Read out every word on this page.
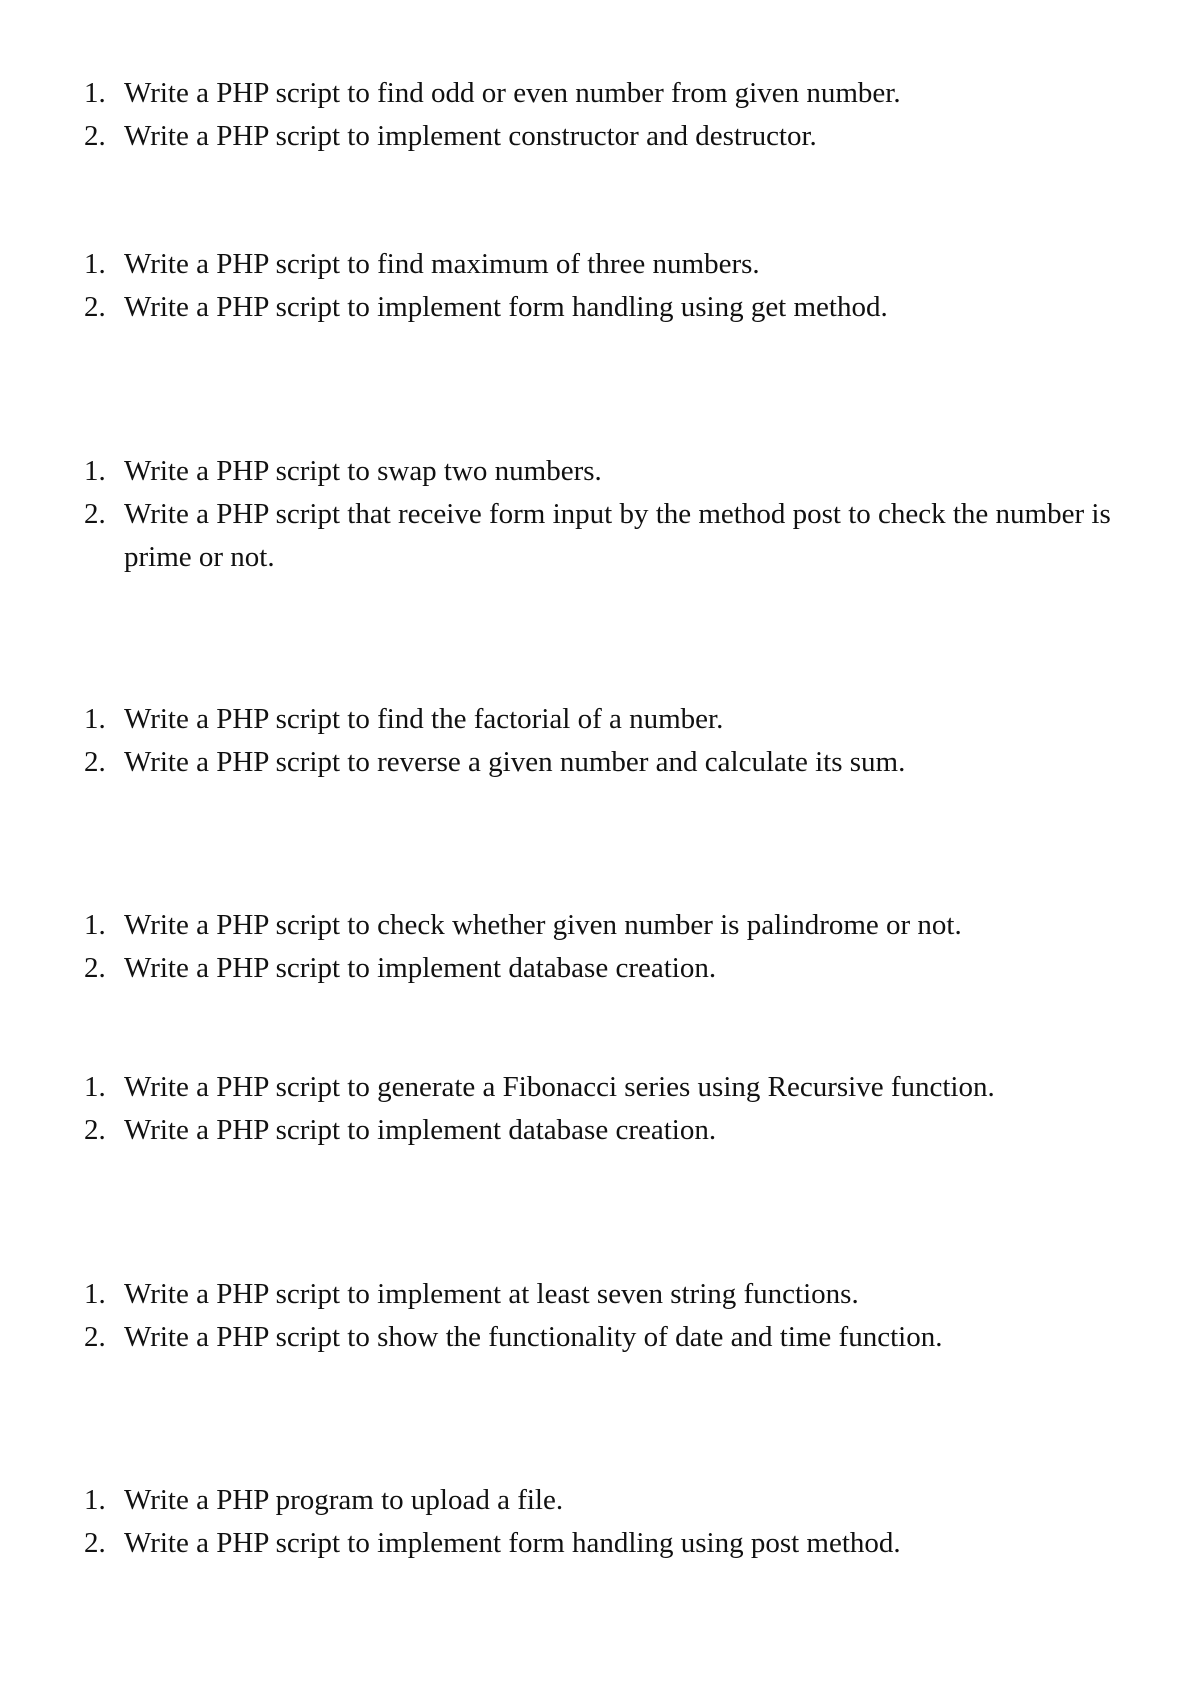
1. Write a PHP script to find odd or even number from given number.
2. Write a PHP script to implement constructor and destructor.
1. Write a PHP script to find maximum of three numbers.
2. Write a PHP script to implement form handling using get method.
1. Write a PHP script to swap two numbers.
2. Write a PHP script that receive form input by the method post to check the number is prime or not.
1. Write a PHP script to find the factorial of a number.
2. Write a PHP script to reverse a given number and calculate its sum.
1. Write a PHP script to check whether given number is palindrome or not.
2. Write a PHP script to implement database creation.
1. Write a PHP script to generate a Fibonacci series using Recursive function.
2. Write a PHP script to implement database creation.
1. Write a PHP script to implement at least seven string functions.
2. Write a PHP script to show the functionality of date and time function.
1. Write a PHP program to upload a file.
2. Write a PHP script to implement form handling using post method.
